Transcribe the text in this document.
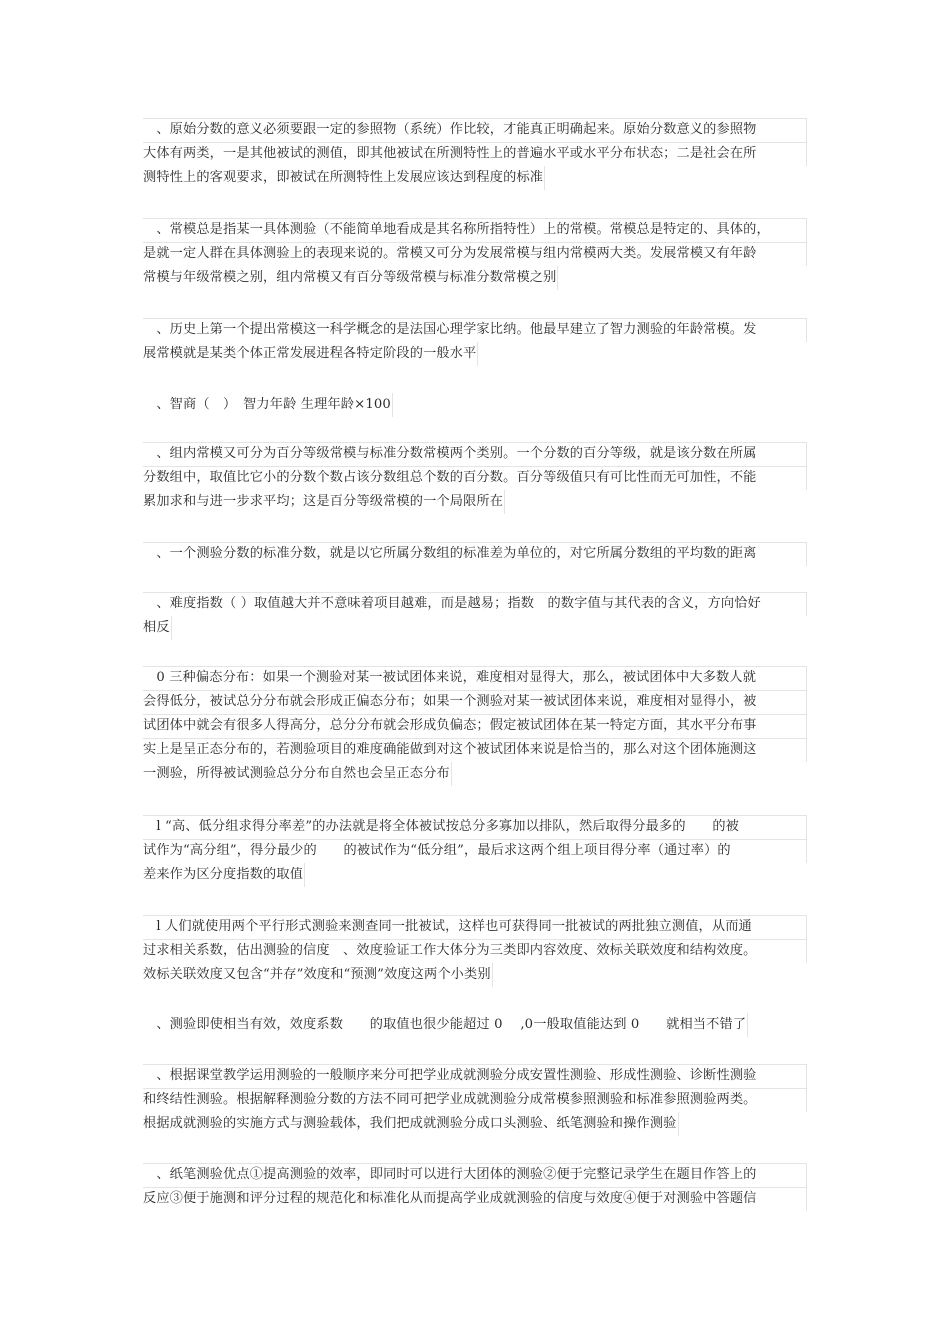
　、原始分数的意义必须要跟一定的参照物（系统）作比较，才能真正明确起来。原始分数意义的参照物
大体有两类，一是其他被试的测值，即其他被试在所测特性上的普遍水平或水平分布状态；二是社会在所
测特性上的客观要求，即被试在所测特性上发展应该达到程度的标准
　、常模总是指某一具体测验（不能简单地看成是其名称所指特性）上的常模。常模总是特定的、具体的，
是就一定人群在具体测验上的表现来说的。常模又可分为发展常模与组内常模两大类。发展常模又有年龄
常模与年级常模之别，组内常模又有百分等级常模与标准分数常模之别
　、历史上第一个提出常模这一科学概念的是法国心理学家比纳。他最早建立了智力测验的年龄常模。发
展常模就是某类个体正常发展进程各特定阶段的一般水平
　、智商（　）　智力年龄 生理年龄×100
　、组内常模又可分为百分等级常模与标准分数常模两个类别。一个分数的百分等级，就是该分数在所属
分数组中，取值比它小的分数个数占该分数组总个数的百分数。百分等级值只有可比性而无可加性，不能
累加求和与进一步求平均；这是百分等级常模的一个局限所在
　、一个测验分数的标准分数，就是以它所属分数组的标准差为单位的，对它所属分数组的平均数的距离
　、难度指数（ ）取值越大并不意味着项目越难，而是越易；指数　的数字值与其代表的含义，方向恰好
相反
　0 三种偏态分布：如果一个测验对某一被试团体来说，难度相对显得大，那么，被试团体中大多数人就
会得低分，被试总分分布就会形成正偏态分布；如果一个测验对某一被试团体来说，难度相对显得小，被
试团体中就会有很多人得高分，总分分布就会形成负偏态；假定被试团体在某一特定方面，其水平分布事
实上是呈正态分布的，若测验项目的难度确能做到对这个被试团体来说是恰当的，那么对这个团体施测这
一测验，所得被试测验总分分布自然也会呈正态分布
　l “高、低分组求得分率差”的办法就是将全体被试按总分多寡加以排队，然后取得分最多的　　的被
试作为“高分组”，得分最少的　　的被试作为“低分组”，最后求这两个组上项目得分率（通过率）的
差来作为区分度指数的取值
　l 人们就使用两个平行形式测验来测查同一批被试，这样也可获得同一批被试的两批独立测值，从而通
过求相关系数，估出测验的信度　、效度验证工作大体分为三类即内容效度、效标关联效度和结构效度。
效标关联效度又包含“并存”效度和“预测”效度这两个小类别
　、测验即使相当有效，效度系数　　的取值也很少能超过 0　 ,0一般取值能达到 0　　就相当不错了
　、根据课堂教学运用测验的一般顺序来分可把学业成就测验分成安置性测验、形成性测验、诊断性测验
和终结性测验。根据解释测验分数的方法不同可把学业成就测验分成常模参照测验和标准参照测验两类。
根据成就测验的实施方式与测验载体，我们把成就测验分成口头测验、纸笔测验和操作测验
　、纸笔测验优点①提高测验的效率，即同时可以进行大团体的测验②便于完整记录学生在题目作答上的
反应③便于施测和评分过程的规范化和标准化从而提高学业成就测验的信度与效度④便于对测验中答题信
